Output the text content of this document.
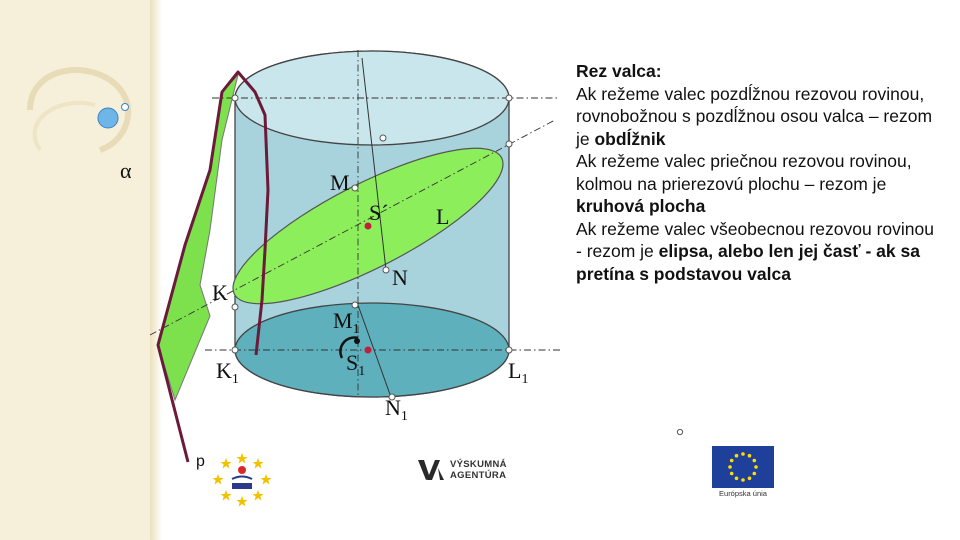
α	M
S´ L
N
K
$M_1$
$K_1$
$S_1$	$L_1$
$N_1$
p

Rez valca:

Ak režeme valec pozdĺžnou rezovou rovinou, rovnobožnou s pozdĺžnou osou valca – rezom je obdĺžnik

Ak režeme valec priečnou rezovou rovinou, kolmou na prierezovú plochu – rezom je kruhová plocha

Ak režeme valec všeobecnou rezovou rovinou - rezom je elipsa, alebo len jej časť - ak sa pretína s podstavou valca

VÝSKUMNÁ
AGENTÚRA
Európska únia
